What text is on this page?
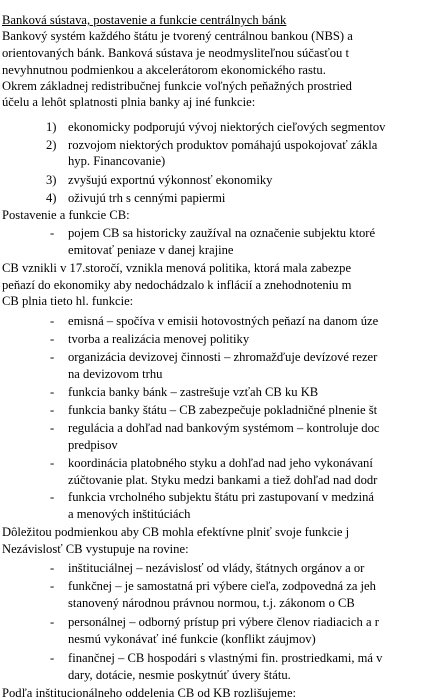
Banková sústava, postavenie a funkcie centrálnych bánk
Bankový systém každého štátu je tvorený centrálnou bankou (NBS) a
orientovaných bánk. Banková sústava je neodmysliteľnou súčasťou t
nevyhnutnou podmienkou a akcelerátorom ekonomického rastu.
Okrem základnej redistribučnej funkcie voľných peňažných prostried
účelu a lehôt splatnosti plnia banky aj iné funkcie:
1) ekonomicky podporujú vývoj niektorých cieľových segmentov
2) rozvojom niektorých produktov pomáhajú uspokojovať zákla
hyp. Financovanie)
3) zvyšujú exportnú výkonnosť ekonomiky
4) oživujú trh s cennými papiermi
Postavenie a funkcie CB:
- pojem CB sa historicky zaužíval na označenie subjektu ktoré
emitovať peniaze v danej krajine
CB vznikli v 17.storočí, vznikla menová politika, ktorá mala zabezpe
peňazí do ekonomiky aby nedochádzalo k inflácií a znehodnoteniu m
CB plnia tieto hl. funkcie:
- emisná – spočíva v emisii hotovostných peňazí na danom úze
- tvorba a realizácia menovej politiky
- organizácia devizovej činnosti – zhromažďuje devízové rezer
na devizovom trhu
- funkcia banky bánk – zastrešuje vzťah CB ku KB
- funkcia banky štátu – CB zabezpečuje pokladničné plnenie št
- regulácia a dohľad nad bankovým systémom – kontroluje doc
predpisov
- koordinácia platobného styku a dohľad nad jeho vykonávaní
zúčtovanie plat. Styku medzi bankami a tiež dohľad nad dodr
- funkcia vrcholného subjektu štátu pri zastupovaní v medziná
a menových inštitúciách
Dôležitou podmienkou aby CB mohla efektívne plniť svoje funkcie j
Nezávislosť CB vystupuje na rovine:
- inštituciálnej – nezávislosť od vlády, štátnych orgánov a or
- funkčnej – je samostatná pri výbere cieľa, zodpovedná za jeh
stanovený národnou právnou normou, t.j. zákonom o CB
- personálnej – odborný prístup pri výbere členov riadiacich a r
nesmú vykonávať iné funkcie (konflikt záujmov)
- finančnej – CB hospodári s vlastnými fin. prostriedkami, má v
dary, dotácie, nesmie poskytnúť úvery štátu.
Podľa inštitucionálneho oddelenia CB od KB rozlišujeme:
